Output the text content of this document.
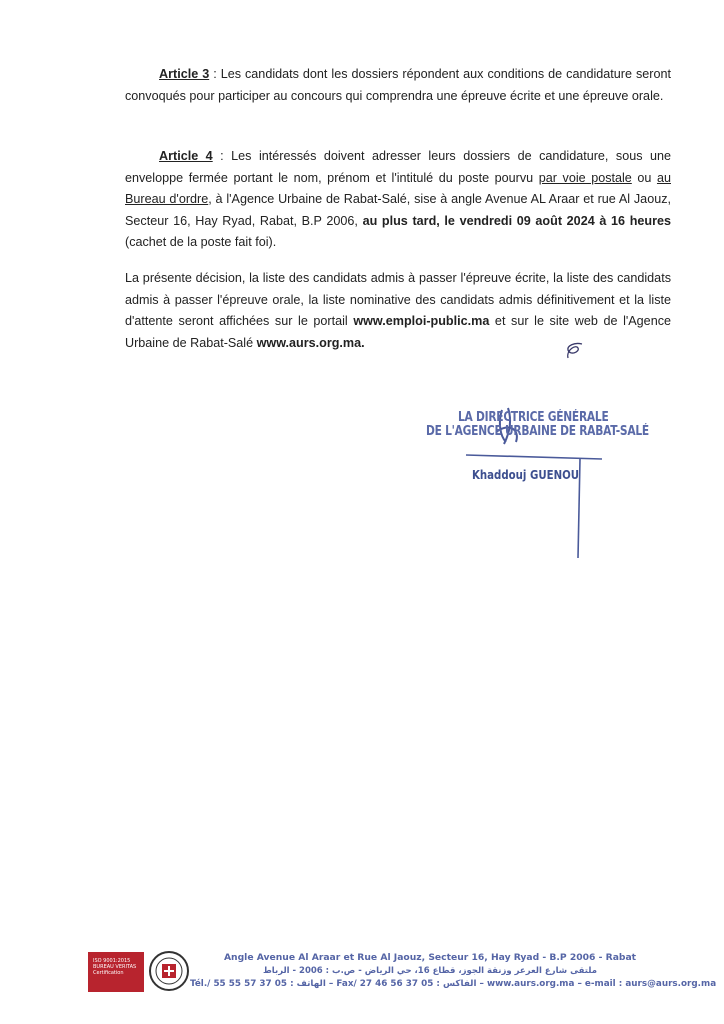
Article 3 : Les candidats dont les dossiers répondent aux conditions de candidature seront convoqués pour participer au concours qui comprendra une épreuve écrite et une épreuve orale.

Article 4 : Les intéressés doivent adresser leurs dossiers de candidature, sous une enveloppe fermée portant le nom, prénom et l'intitulé du poste pourvu par voie postale ou au Bureau d'ordre, à l'Agence Urbaine de Rabat-Salé, sise à angle Avenue AL Araar et rue Al Jaouz, Secteur 16, Hay Ryad, Rabat, B.P 2006, au plus tard, le vendredi 09 août 2024 à 16 heures (cachet de la poste fait foi).

La présente décision, la liste des candidats admis à passer l'épreuve écrite, la liste des candidats admis à passer l'épreuve orale, la liste nominative des candidats admis définitivement et la liste d'attente seront affichées sur le portail www.emploi-public.ma et sur le site web de l'Agence Urbaine de Rabat-Salé www.aurs.org.ma.

LA DIRECTRICE GÉNÉRALE
DE L'AGENCE URBAINE DE RABAT-SALÉ
Khaddouj GUENOU
ISO 9001:2015 BUREAU VERITAS Certification
Angle Avenue Al Araar et Rue Al Jaouz, Secteur 16, Hay Ryad - B.P 2006 - Rabat
ملتقى شارع العرعر وزنقة الجوز، قطاع 16، حي الرياض - ص.ب : 2006 - الرباط
Tél./ الهاتف : 05 37 57 55 55 – Fax/ الفاكس : 05 37 56 46 27 – www.aurs.org.ma – e-mail : aurs@aurs.org.ma
